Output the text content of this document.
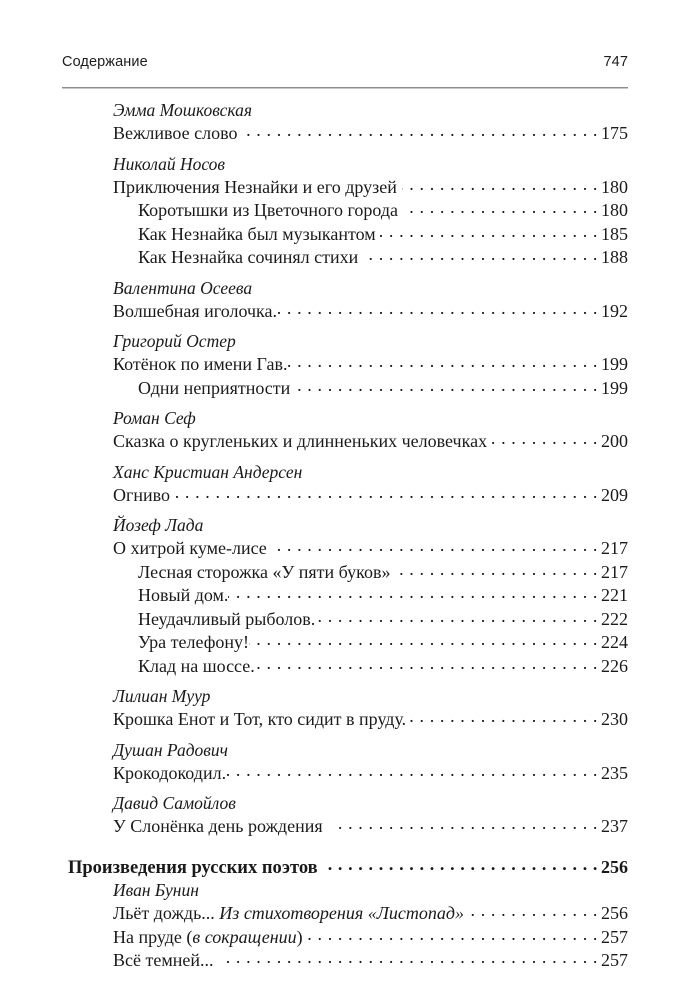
Содержание	747
Эмма Мошковская
Вежливое слово . . .	175
Николай Носов
Приключения Незнайки и его друзей . . .	180
Коротышки из Цветочного города . . .	180
Как Незнайка был музыкантом . . .	185
Как Незнайка сочинял стихи . . .	188
Валентина Осеева
Волшебная иголочка. . . .	192
Григорий Остер
Котёнок по имени Гав. . . .	199
Одни неприятности . . .	199
Роман Сеф
Сказка о кругленьких и длинненьких человечках . . .	200
Ханс Кристиан Андерсен
Огниво . . .	209
Йозеф Лада
О хитрой куме-лисе . . .	217
Лесная сторожка «У пяти буков» . . .	217
Новый дом. . . .	221
Неудачливый рыболов. . . .	222
Ура телефону! . . .	224
Клад на шоссе. . . .	226
Лилиан Муур
Крошка Енот и Тот, кто сидит в пруду. . . .	230
Душан Радович
Крокодокодил. . . .	235
Давид Самойлов
У Слонёнка день рождения . . .	237
Произведения русских поэтов . . .	256
Иван Бунин
Льёт дождь... Из стихотворения «Листопад» . . .	256
На пруде (в сокращении) . . .	257
Всё темней... . . .	257
